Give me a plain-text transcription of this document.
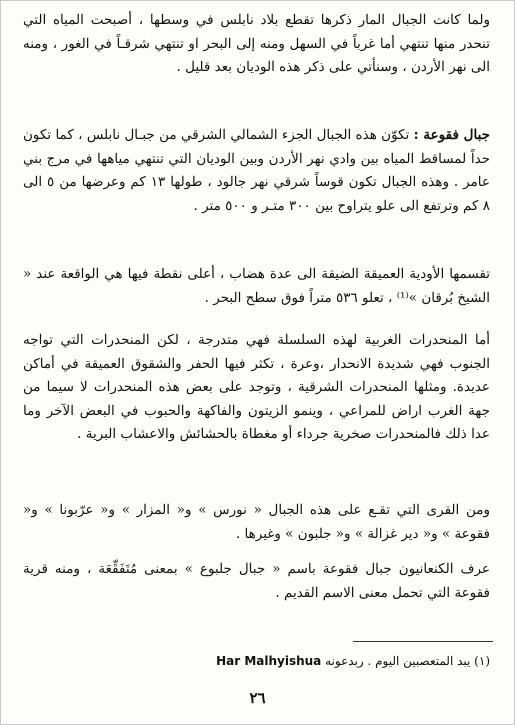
ولما كانت الجبال المار ذكرها تقطع بلاد نابلس في وسطها ، أصبحت المياه التي تنحدر منها تنتهي أما غرباً في السهل ومنه إلى البحر او تنتهي شرقـاً في الغور ، ومنه الى نهر الأردن ، وسنأتي على ذكر هذه الوديان بعد قليل .

جبال فقوعة : تكوّن هذه الجبال الجزء الشمالي الشرقي من جبـال نابلس ، كما تكون حداً لمساقط المياه بين وادي نهر الأردن وبين الوديان التي تنتهي مياهها في مرج بني عامر . وهذه الجبال تكون قوساً شرقي نهر جالود ، طولها ١٣ كم وعرضها من ٥ الى ٨ كم وترتفع الى علو يتراوح بين ٣٠٠ متـر و ٥٠٠ متر .

تقسمها الأودية العميقة الضيقة الى عدة هضاب ، أعلى نقطة فيها هي الواقعة عند « الشيخ بُرقان »⁽¹⁾ ، تعلو ٥٣٦ متراً فوق سطح البحر .

أما المنحدرات الغربية لهذه السلسلة فهي متدرجة ، لكن المنحدرات التي تواجه الجنوب فهي شديدة الانحدار ،وعرة ، تكثر فيها الحفر والشقوق العميقة في أماكن عديدة. ومثلها المنحدرات الشرقية ، وتوجد على بعض هذه المنحدرات لا سيما من جهة الغرب اراض للمراعي ، وينمو الزيتون والفاكهة والحبوب في البعض الآخر وما عدا ذلك فالمنحدرات صخرية جرداء أو مغطاة بالحشائش والاعشاب البرية .

ومن القرى التي تقـع على هذه الجبال « نورس » و« المزار » و« عرّبونا » و« فقوعة » و« دير غزالة » و« جلبون » وغيرها .

عرف الكنعانيون جبال فقوعة باسم « جبال جلبوع » بمعنى مُتَفَقِّعَة ، ومنه قرية فقوعة التي تحمل معنى الاسم القديم .

(١) يبد المتعصبين اليوم . ربدعونه Har Malhyishua
٢٦
